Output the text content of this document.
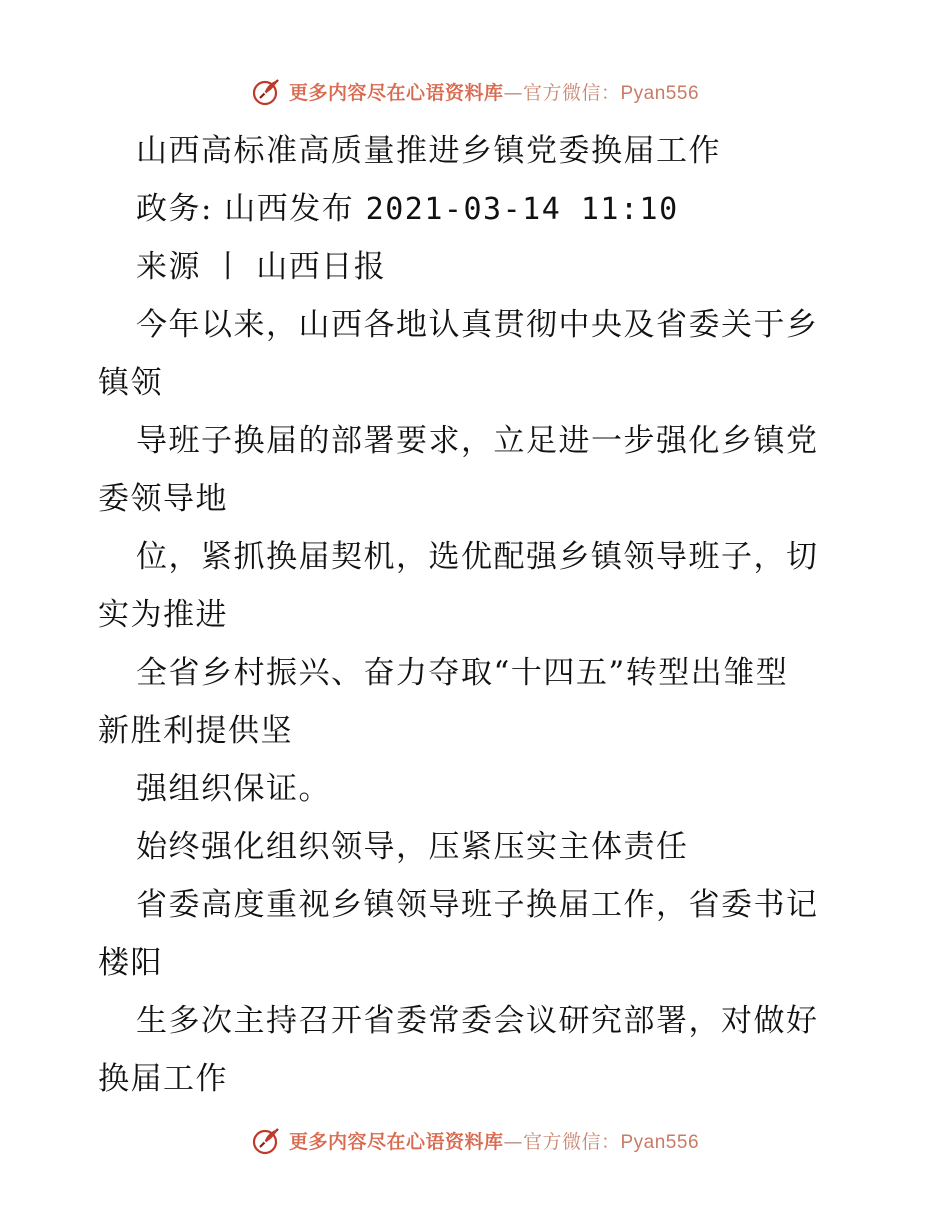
更多内容尽在心语资料库—官方微信：Pyan556
山西高标准高质量推进乡镇党委换届工作
政务: 山西发布 2021-03-14 11:10
来源 丨 山西日报
今年以来，山西各地认真贯彻中央及省委关于乡
镇领
导班子换届的部署要求，立足进一步强化乡镇党
委领导地
位，紧抓换届契机，选优配强乡镇领导班子，切
实为推进
全省乡村振兴、奋力夺取“十四五”转型出雏型
新胜利提供坚
强组织保证。
始终强化组织领导，压紧压实主体责任
省委高度重视乡镇领导班子换届工作，省委书记
楼阳
生多次主持召开省委常委会议研究部署，对做好
换届工作
更多内容尽在心语资料库—官方微信：Pyan556
